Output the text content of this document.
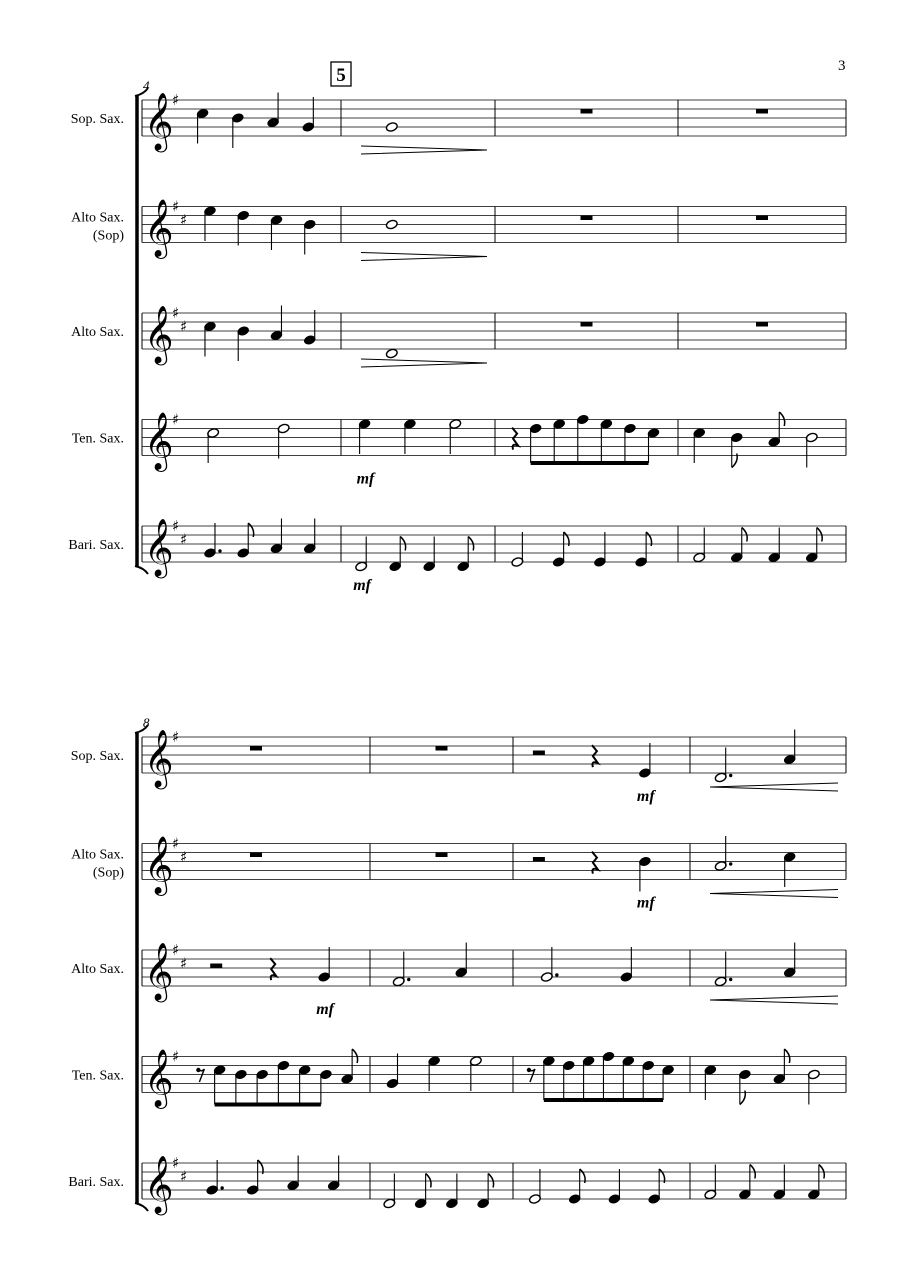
3
4	5
Sop. Sax. 𝄞
♯
Alto Sax.
(Sop) 𝄞
♯
♯
Alto Sax. 𝄞
♯
♯
Ten. Sax. 𝄞
♯
mf
Bari. Sax. 𝄞
♯
♯
mf
8
Sop. Sax. 𝄞
♯
mf
Alto Sax.
(Sop) 𝄞
♯
♯
mf
Alto Sax. 𝄞
♯
♯
mf
Ten. Sax. 𝄞
♯
Bari. Sax. 𝄞
♯
♯
